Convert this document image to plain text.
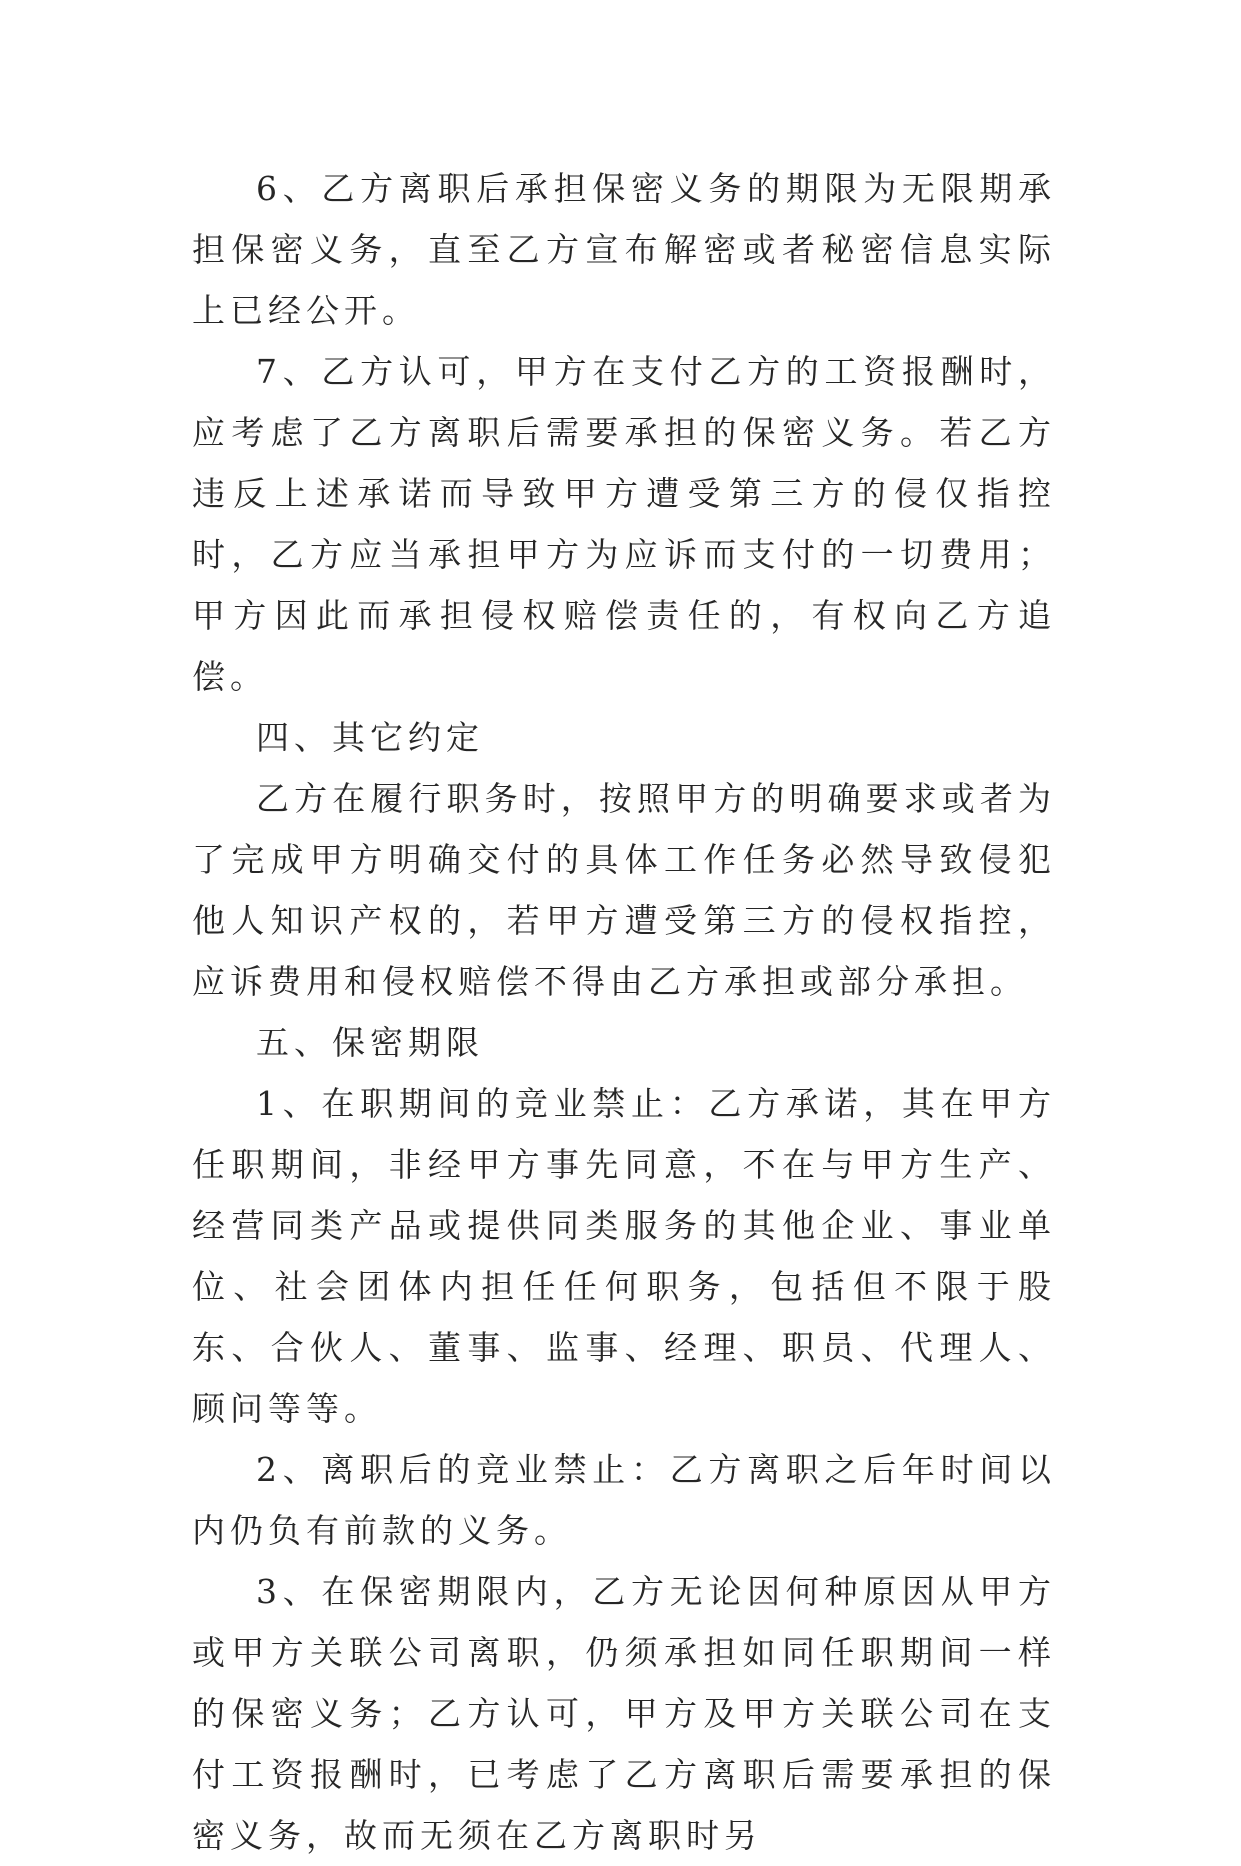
6、乙方离职后承担保密义务的期限为无限期承担保密义务，直至乙方宣布解密或者秘密信息实际上已经公开。

7、乙方认可，甲方在支付乙方的工资报酬时，应考虑了乙方离职后需要承担的保密义务。若乙方违反上述承诺而导致甲方遭受第三方的侵仅指控时，乙方应当承担甲方为应诉而支付的一切费用；甲方因此而承担侵权赔偿责任的，有权向乙方追偿。

四、其它约定

乙方在履行职务时，按照甲方的明确要求或者为了完成甲方明确交付的具体工作任务必然导致侵犯他人知识产权的，若甲方遭受第三方的侵权指控，应诉费用和侵权赔偿不得由乙方承担或部分承担。

五、保密期限

1、在职期间的竞业禁止：乙方承诺，其在甲方任职期间，非经甲方事先同意，不在与甲方生产、经营同类产品或提供同类服务的其他企业、事业单位、社会团体内担任任何职务，包括但不限于股东、合伙人、董事、监事、经理、职员、代理人、顾问等等。

2、离职后的竞业禁止：乙方离职之后年时间以内仍负有前款的义务。

3、在保密期限内，乙方无论因何种原因从甲方或甲方关联公司离职，仍须承担如同任职期间一样的保密义务；乙方认可，甲方及甲方关联公司在支付工资报酬时，已考虑了乙方离职后需要承担的保密义务，故而无须在乙方离职时另
